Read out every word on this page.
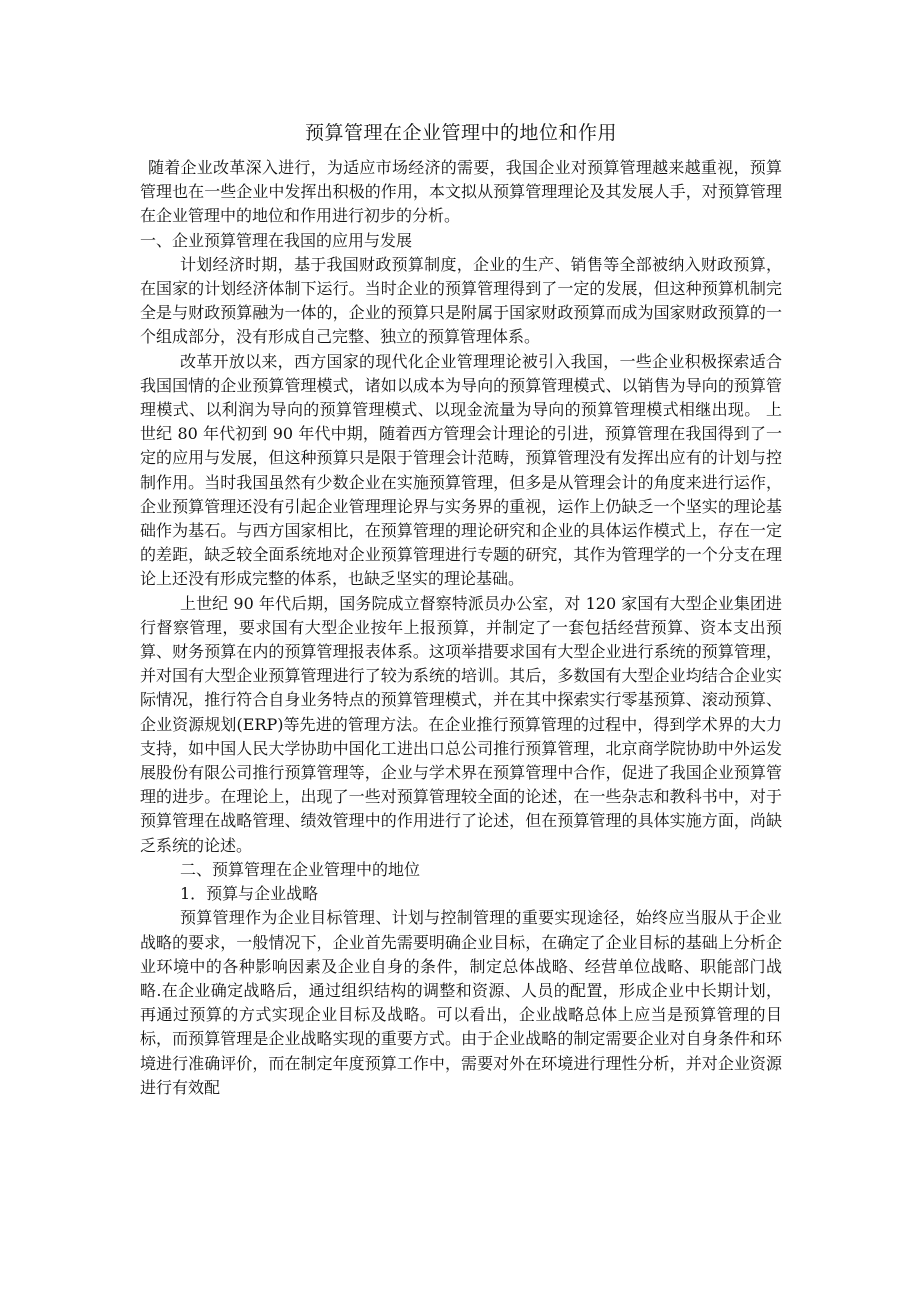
预算管理在企业管理中的地位和作用

随着企业改革深入进行，为适应市场经济的需要，我国企业对预算管理越来越重视，预算管理也在一些企业中发挥出积极的作用，本文拟从预算管理理论及其发展人手，对预算管理在企业管理中的地位和作用进行初步的分析。

一、企业预算管理在我国的应用与发展

计划经济时期，基于我国财政预算制度，企业的生产、销售等全部被纳入财政预算，在国家的计划经济体制下运行。当时企业的预算管理得到了一定的发展，但这种预算机制完全是与财政预算融为一体的，企业的预算只是附属于国家财政预算而成为国家财政预算的一个组成部分，没有形成自己完整、独立的预算管理体系。

改革开放以来，西方国家的现代化企业管理理论被引入我国，一些企业积极探索适合我国国情的企业预算管理模式，诸如以成本为导向的预算管理模式、以销售为导向的预算管理模式、以利润为导向的预算管理模式、以现金流量为导向的预算管理模式相继出现。 上世纪 80 年代初到 90 年代中期，随着西方管理会计理论的引进，预算管理在我国得到了一定的应用与发展，但这种预算只是限于管理会计范畴，预算管理没有发挥出应有的计划与控制作用。当时我国虽然有少数企业在实施预算管理，但多是从管理会计的角度来进行运作，企业预算管理还没有引起企业管理理论界与实务界的重视，运作上仍缺乏一个坚实的理论基础作为基石。与西方国家相比，在预算管理的理论研究和企业的具体运作模式上，存在一定的差距，缺乏较全面系统地对企业预算管理进行专题的研究，其作为管理学的一个分支在理论上还没有形成完整的体系，也缺乏坚实的理论基础。

上世纪 90 年代后期，国务院成立督察特派员办公室，对 120 家国有大型企业集团进行督察管理，要求国有大型企业按年上报预算，并制定了一套包括经营预算、资本支出预算、财务预算在内的预算管理报表体系。这项举措要求国有大型企业进行系统的预算管理，并对国有大型企业预算管理进行了较为系统的培训。其后，多数国有大型企业均结合企业实际情况，推行符合自身业务特点的预算管理模式，并在其中探索实行零基预算、滚动预算、企业资源规划(ERP)等先进的管理方法。在企业推行预算管理的过程中，得到学术界的大力支持，如中国人民大学协助中国化工进出口总公司推行预算管理，北京商学院协助中外运发展股份有限公司推行预算管理等，企业与学术界在预算管理中合作，促进了我国企业预算管理的进步。在理论上，出现了一些对预算管理较全面的论述，在一些杂志和教科书中，对于预算管理在战略管理、绩效管理中的作用进行了论述，但在预算管理的具体实施方面，尚缺乏系统的论述。

二、预算管理在企业管理中的地位

1．预算与企业战略

预算管理作为企业目标管理、计划与控制管理的重要实现途径，始终应当服从于企业战略的要求，一般情况下，企业首先需要明确企业目标，在确定了企业目标的基础上分析企业环境中的各种影响因素及企业自身的条件，制定总体战略、经营单位战略、职能部门战略.在企业确定战略后，通过组织结构的调整和资源、人员的配置，形成企业中长期计划，再通过预算的方式实现企业目标及战略。可以看出，企业战略总体上应当是预算管理的目标，而预算管理是企业战略实现的重要方式。由于企业战略的制定需要企业对自身条件和环境进行准确评价，而在制定年度预算工作中，需要对外在环境进行理性分析，并对企业资源进行有效配
